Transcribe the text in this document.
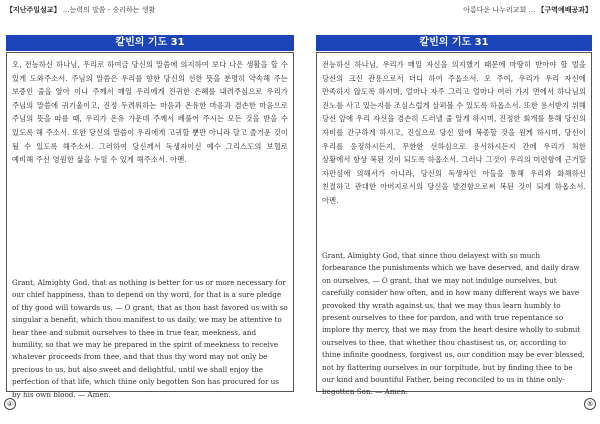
【지난주일설교】 ...능력의 말씀 - 승리하는 생활
칼빈의 기도 31
오, 전능하신 하나님, 우리로 하여금 당신의 말씀에 의지하여 보다 나은 생활을 할 수 있게 도와주소서. 주님의 말씀은 우리를 향한 당신의 선한 뜻을 분명히 약속해 주는 보증인 줄을 알아 이니 주께서 매일 우리에게 진귀한 은혜를 내려주심으로 우리가 주님의 말씀에 귀기울이고, 진정 두려워하는 마음과 온유한 마음과 겸손한 마음으로 주님의 뜻을 따를 때, 우리가 온유 가운데 주께서 베풀어 주시는 모든 것을 받을 수 있도록 해 주소서. 또한 당신의 말씀이 우리에게 고귀할 뿐만 아니라 달고 즐거운 것이 될 수 있도록 해주소서. 그러하여 당신께서 독생자이신 예수 그리스도의 보혈로 예비해 주신 영원한 삶을 누릴 수 있게 해주소서. 아멘.
Grant, Almighty God, that as nothing is better for us or more necessary for our chief happiness, than to depend on thy word, for that is a sure pledge of thy good will towards us, — O grant, that as thou hast favored us with so singular a benefit, which thou manifest to us daily, we may be attentive to hear thee and submit ourselves to thee in true fear, meekness, and humility, so that we may be prepared in the spirit of meekness to receive whatever proceeds from thee, and that thus thy word may not only be precious to us, but also sweet and delightful, until we shall enjoy the perfection of that life, which thine only begotten Son has procured for us by his own blood. — Amen.
④
아름다운 나누리교회 ... 【구역예배공과】
칼빈의 기도 31
전능하신 하나님, 우리가 매일 자신을 의지했기 때문에 마땅히 받아야 할 벌을 당신의 크신 관용으로서 더디 하여 주옵소서. 오 주여, 우리가 우리 자신에 만족하지 않도록 하시며, 얼마나 자주 그리고 얼마나 여러 가지 면에서 하나님의 진노를 사고 있는지를 조심스럽게 살펴볼 수 있도록 하옵소서. 또한 용서받기 위해 당신 앞에 우리 자신을 겸손히 드러낼 줄 알게 하시며, 진정한 회개를 통해 당신의 자비를 간구하게 하시고, 진실으로 당신 앞에 복종할 것을 원케 하시며, 당신이 우리를 응징하시든지, 무한한 선하심으로 용서하시든지 간에 우리가 처한 상황에서 항상 복된 것이 되도록 하옵소서. 그러나 그것이 우리의 미련함에 근거할 자만심에 의해서가 아니라, 당신의 독생자인 아들을 통해 우리와 화해하신 친절하고 관대한 아버지로서의 당신을 발견함으로써 복된 것이 되게 하옵소서. 아멘.
Grant, Almighty God, that since thou delayest with so much forbearance the punishments which we have deserved, and daily draw on ourselves, — O grant, that we may not indulge ourselves, but carefully consider how often, and in how many different ways we have provoked thy wrath against us, that we may thus learn humbly to present ourselves to thee for pardon, and with true repentance so implore thy mercy, that we may from the heart desire wholly to submit ourselves to thee, that whether thou chastisest us, or, according to thine infinite goodness, forgivest us, our condition may be ever blessed, not by flattering ourselves in our torpitude, but by finding thee to be our kind and bountiful Father, being reconciled to us in thine only-begotten Son. — Amen.
⑤
